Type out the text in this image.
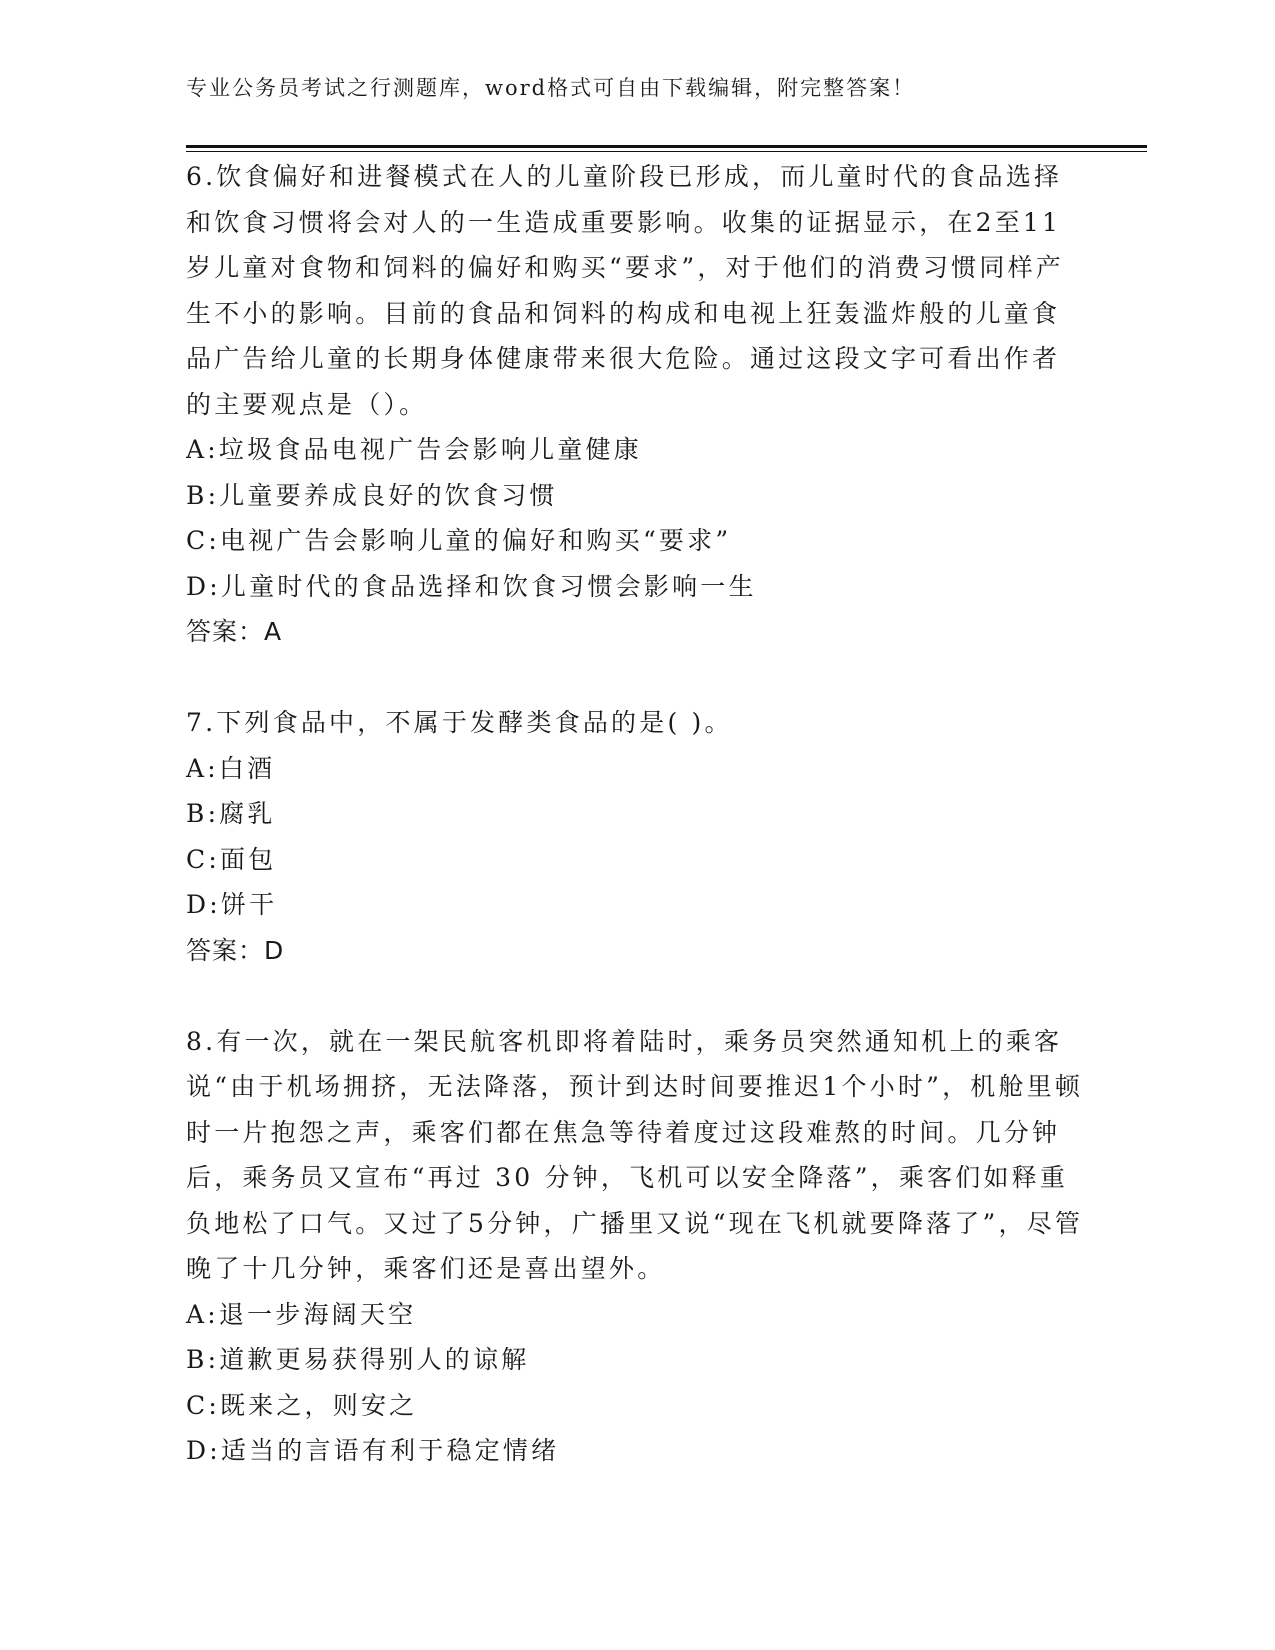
专业公务员考试之行测题库，word格式可自由下载编辑，附完整答案！

6.饮食偏好和进餐模式在人的儿童阶段已形成，而儿童时代的食品选择和饮食习惯将会对人的一生造成重要影响。收集的证据显示，在2至11岁儿童对食物和饲料的偏好和购买“要求”，对于他们的消费习惯同样产生不小的影响。目前的食品和饲料的构成和电视上狂轰滥炸般的儿童食品广告给儿童的长期身体健康带来很大危险。通过这段文字可看出作者的主要观点是（）。

A:垃圾食品电视广告会影响儿童健康

B:儿童要养成良好的饮食习惯

C:电视广告会影响儿童的偏好和购买“要求”

D:儿童时代的食品选择和饮食习惯会影响一生

答案：A

7.下列食品中，不属于发酵类食品的是( )。

A:白酒

B:腐乳

C:面包

D:饼干

答案：D

8.有一次，就在一架民航客机即将着陆时，乘务员突然通知机上的乘客说“由于机场拥挤，无法降落，预计到达时间要推迟1个小时”，机舱里顿时一片抱怨之声，乘客们都在焦急等待着度过这段难熬的时间。几分钟后，乘务员又宣布“再过 30 分钟，飞机可以安全降落”，乘客们如释重负地松了口气。又过了5分钟，广播里又说“现在飞机就要降落了”，尽管晚了十几分钟，乘客们还是喜出望外。

A:退一步海阔天空

B:道歉更易获得别人的谅解

C:既来之，则安之

D:适当的言语有利于稳定情绪
